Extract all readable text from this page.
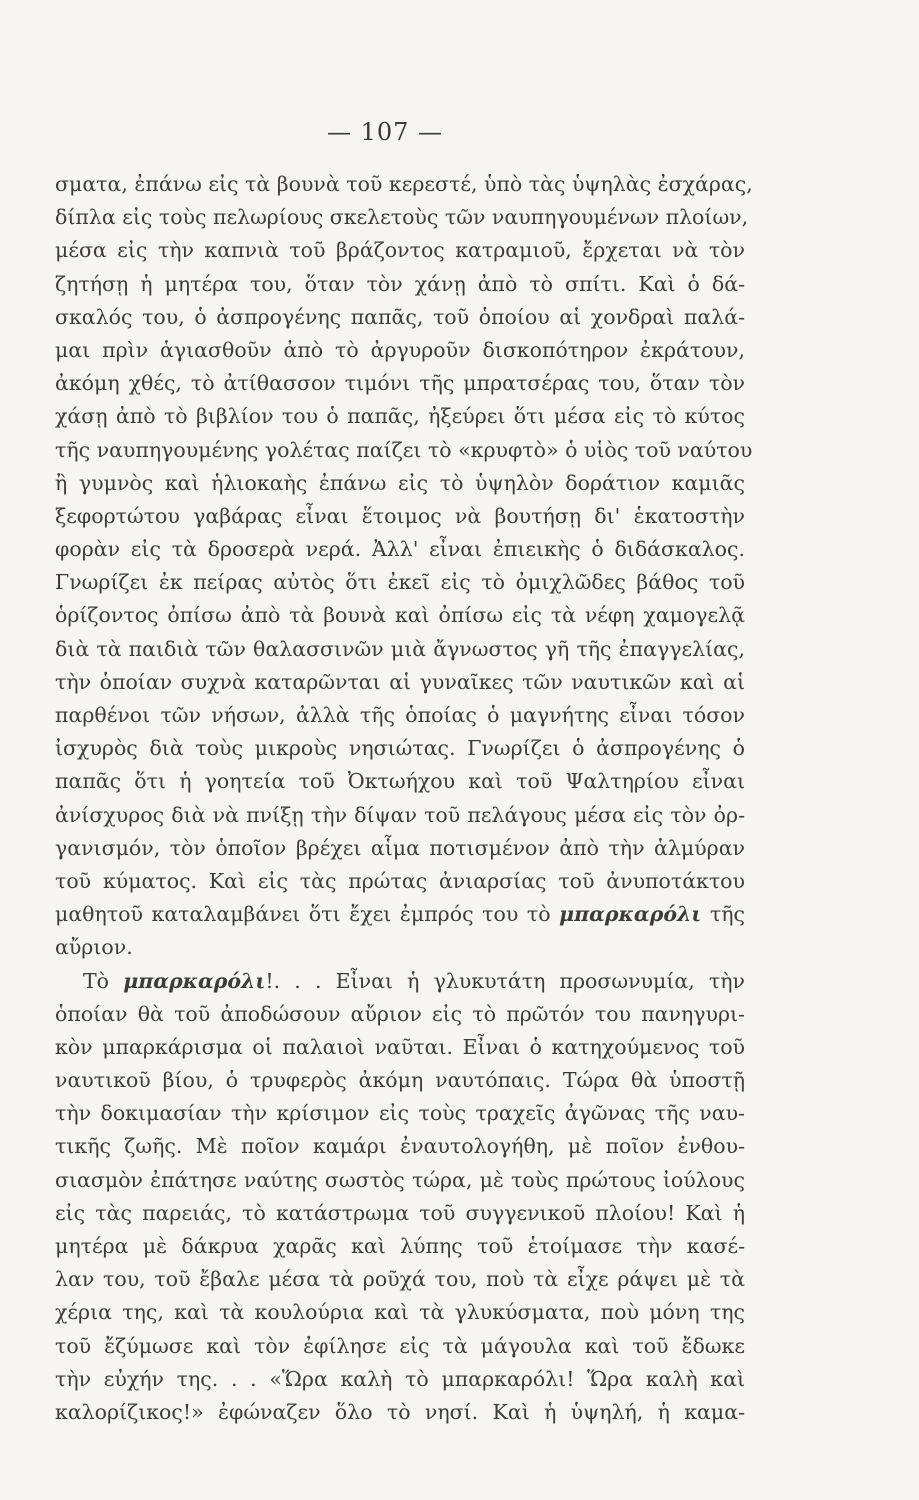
— 107 —
σματα, ἐπάνω εἰς τὰ βουνὰ τοῦ κερεστέ, ὑπὸ τὰς ὑψηλὰς ἐσχάρας,
δίπλα εἰς τοὺς πελωρίους σκελετοὺς τῶν ναυπηγουμένων πλοίων,
μέσα εἰς τὴν καπνιὰ τοῦ βράζοντος κατραμιοῦ, ἔρχεται νὰ τὸν
ζητήσῃ ἡ μητέρα του, ὅταν τὸν χάνῃ ἀπὸ τὸ σπίτι. Καὶ ὁ δά-
σκαλός του, ὁ ἀσπρογένης παπᾶς, τοῦ ὁποίου αἱ χονδραὶ παλά-
μαι πρὶν ἁγιασθοῦν ἀπὸ τὸ ἀργυροῦν δισκοπότηρον ἐκράτουν,
ἀκόμη χθές, τὸ ἀτίθασσον τιμόνι τῆς μπρατσέρας του, ὅταν τὸν
χάσῃ ἀπὸ τὸ βιβλίον του ὁ παπᾶς, ἠξεύρει ὅτι μέσα εἰς τὸ κύτος
τῆς ναυπηγουμένης γολέτας παίζει τὸ «κρυφτὸ» ὁ υἱὸς τοῦ ναύτου
ἢ γυμνὸς καὶ ἡλιοκαὴς ἐπάνω εἰς τὸ ὑψηλὸν δοράτιον καμιᾶς
ξεφορτώτου γαβάρας εἶναι ἕτοιμος νὰ βουτήσῃ δι' ἑκατοστὴν
φορὰν εἰς τὰ δροσερὰ νερά. Ἀλλ' εἶναι ἐπιεικὴς ὁ διδάσκαλος.
Γνωρίζει ἐκ πείρας αὐτὸς ὅτι ἐκεῖ εἰς τὸ ὀμιχλῶδες βάθος τοῦ
ὁρίζοντος ὀπίσω ἀπὸ τὰ βουνὰ καὶ ὀπίσω εἰς τὰ νέφη χαμογελᾷ
διὰ τὰ παιδιὰ τῶν θαλασσινῶν μιὰ ἄγνωστος γῆ τῆς ἐπαγγελίας,
τὴν ὁποίαν συχνὰ καταρῶνται αἱ γυναῖκες τῶν ναυτικῶν καὶ αἱ
παρθένοι τῶν νήσων, ἀλλὰ τῆς ὁποίας ὁ μαγνήτης εἶναι τόσον
ἰσχυρὸς διὰ τοὺς μικροὺς νησιώτας. Γνωρίζει ὁ ἀσπρογένης ὁ
παπᾶς ὅτι ἡ γοητεία τοῦ Ὀκτωήχου καὶ τοῦ Ψαλτηρίου εἶναι
ἀνίσχυρος διὰ νὰ πνίξῃ τὴν δίψαν τοῦ πελάγους μέσα εἰς τὸν ὀρ-
γανισμόν, τὸν ὁποῖον βρέχει αἷμα ποτισμένον ἀπὸ τὴν ἁλμύραν
τοῦ κύματος. Καὶ εἰς τὰς πρώτας ἀνιαρσίας τοῦ ἀνυποτάκτου
μαθητοῦ καταλαμβάνει ὅτι ἔχει ἐμπρός του τὸ μπαρκαρόλι τῆς
αὔριον.
Τὸ μπαρκαρόλι!. . . Εἶναι ἡ γλυκυτάτη προσωνυμία, τὴν
ὁποίαν θὰ τοῦ ἀποδώσουν αὔριον εἰς τὸ πρῶτόν του πανηγυρι-
κὸν μπαρκάρισμα οἱ παλαιοὶ ναῦται. Εἶναι ὁ κατηχούμενος τοῦ
ναυτικοῦ βίου, ὁ τρυφερὸς ἀκόμη ναυτόπαις. Τώρα θὰ ὑποστῇ
τὴν δοκιμασίαν τὴν κρίσιμον εἰς τοὺς τραχεῖς ἀγῶνας τῆς ναυ-
τικῆς ζωῆς. Μὲ ποῖον καμάρι ἐναυτολογήθη, μὲ ποῖον ἐνθου-
σιασμὸν ἐπάτησε ναύτης σωστὸς τώρα, μὲ τοὺς πρώτους ἰούλους
εἰς τὰς παρειάς, τὸ κατάστρωμα τοῦ συγγενικοῦ πλοίου! Καὶ ἡ
μητέρα μὲ δάκρυα χαρᾶς καὶ λύπης τοῦ ἑτοίμασε τὴν κασέ-
λαν του, τοῦ ἔβαλε μέσα τὰ ροῦχά του, ποὺ τὰ εἶχε ράψει μὲ τὰ
χέρια της, καὶ τὰ κουλούρια καὶ τὰ γλυκύσματα, ποὺ μόνη της
τοῦ ἔζύμωσε καὶ τὸν ἐφίλησε εἰς τὰ μάγουλα καὶ τοῦ ἔδωκε
τὴν εὐχήν της. . . «Ὥρα καλὴ τὸ μπαρκαρόλι! Ὥρα καλὴ καὶ
καλορίζικος!» ἐφώναζεν ὅλο τὸ νησί. Καὶ ἡ ὑψηλή, ἡ καμα-
